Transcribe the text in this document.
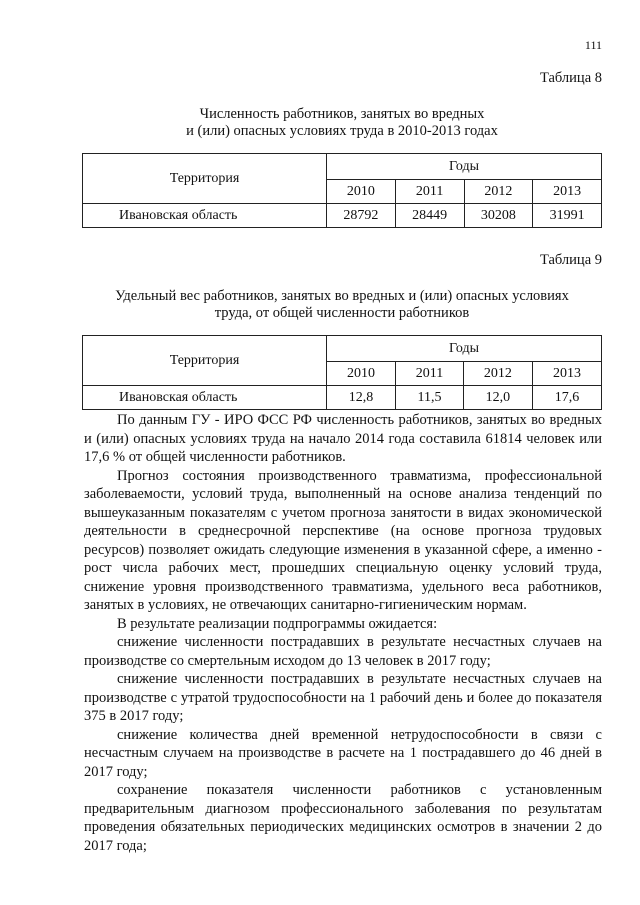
111
Таблица 8
Численность работников, занятых во вредных
и (или) опасных условиях труда в 2010-2013 годах
Территория	Годы			
	2010	2011	2012	2013
Ивановская область	28792	28449	30208	31991
Таблица 9
Удельный вес работников, занятых во вредных и (или) опасных условиях
труда, от общей численности работников
Территория	Годы			
	2010	2011	2012	2013
Ивановская область	12,8	11,5	12,0	17,6

По данным ГУ - ИРО ФСС РФ численность работников, занятых во вредных и (или) опасных условиях труда на начало 2014 года составила 61814 человек или 17,6 % от общей численности работников.

Прогноз состояния производственного травматизма, профессиональной заболеваемости, условий труда, выполненный на основе анализа тенденций по вышеуказанным показателям с учетом прогноза занятости в видах экономической деятельности в среднесрочной перспективе (на основе прогноза трудовых ресурсов) позволяет ожидать следующие изменения в указанной сфере, а именно - рост числа рабочих мест, прошедших специальную оценку условий труда, снижение уровня производственного травматизма, удельного веса работников, занятых в условиях, не отвечающих санитарно-гигиеническим нормам.

В результате реализации подпрограммы ожидается:

снижение численности пострадавших в результате несчастных случаев на производстве со смертельным исходом до 13 человек в 2017 году;

снижение численности пострадавших в результате несчастных случаев на производстве с утратой трудоспособности на 1 рабочий день и более до показателя 375 в 2017 году;

снижение количества дней временной нетрудоспособности в связи с несчастным случаем на производстве в расчете на 1 пострадавшего до 46 дней в 2017 году;

сохранение показателя численности работников с установленным предварительным диагнозом профессионального заболевания по результатам проведения обязательных периодических медицинских осмотров в значении 2 до 2017 года;
